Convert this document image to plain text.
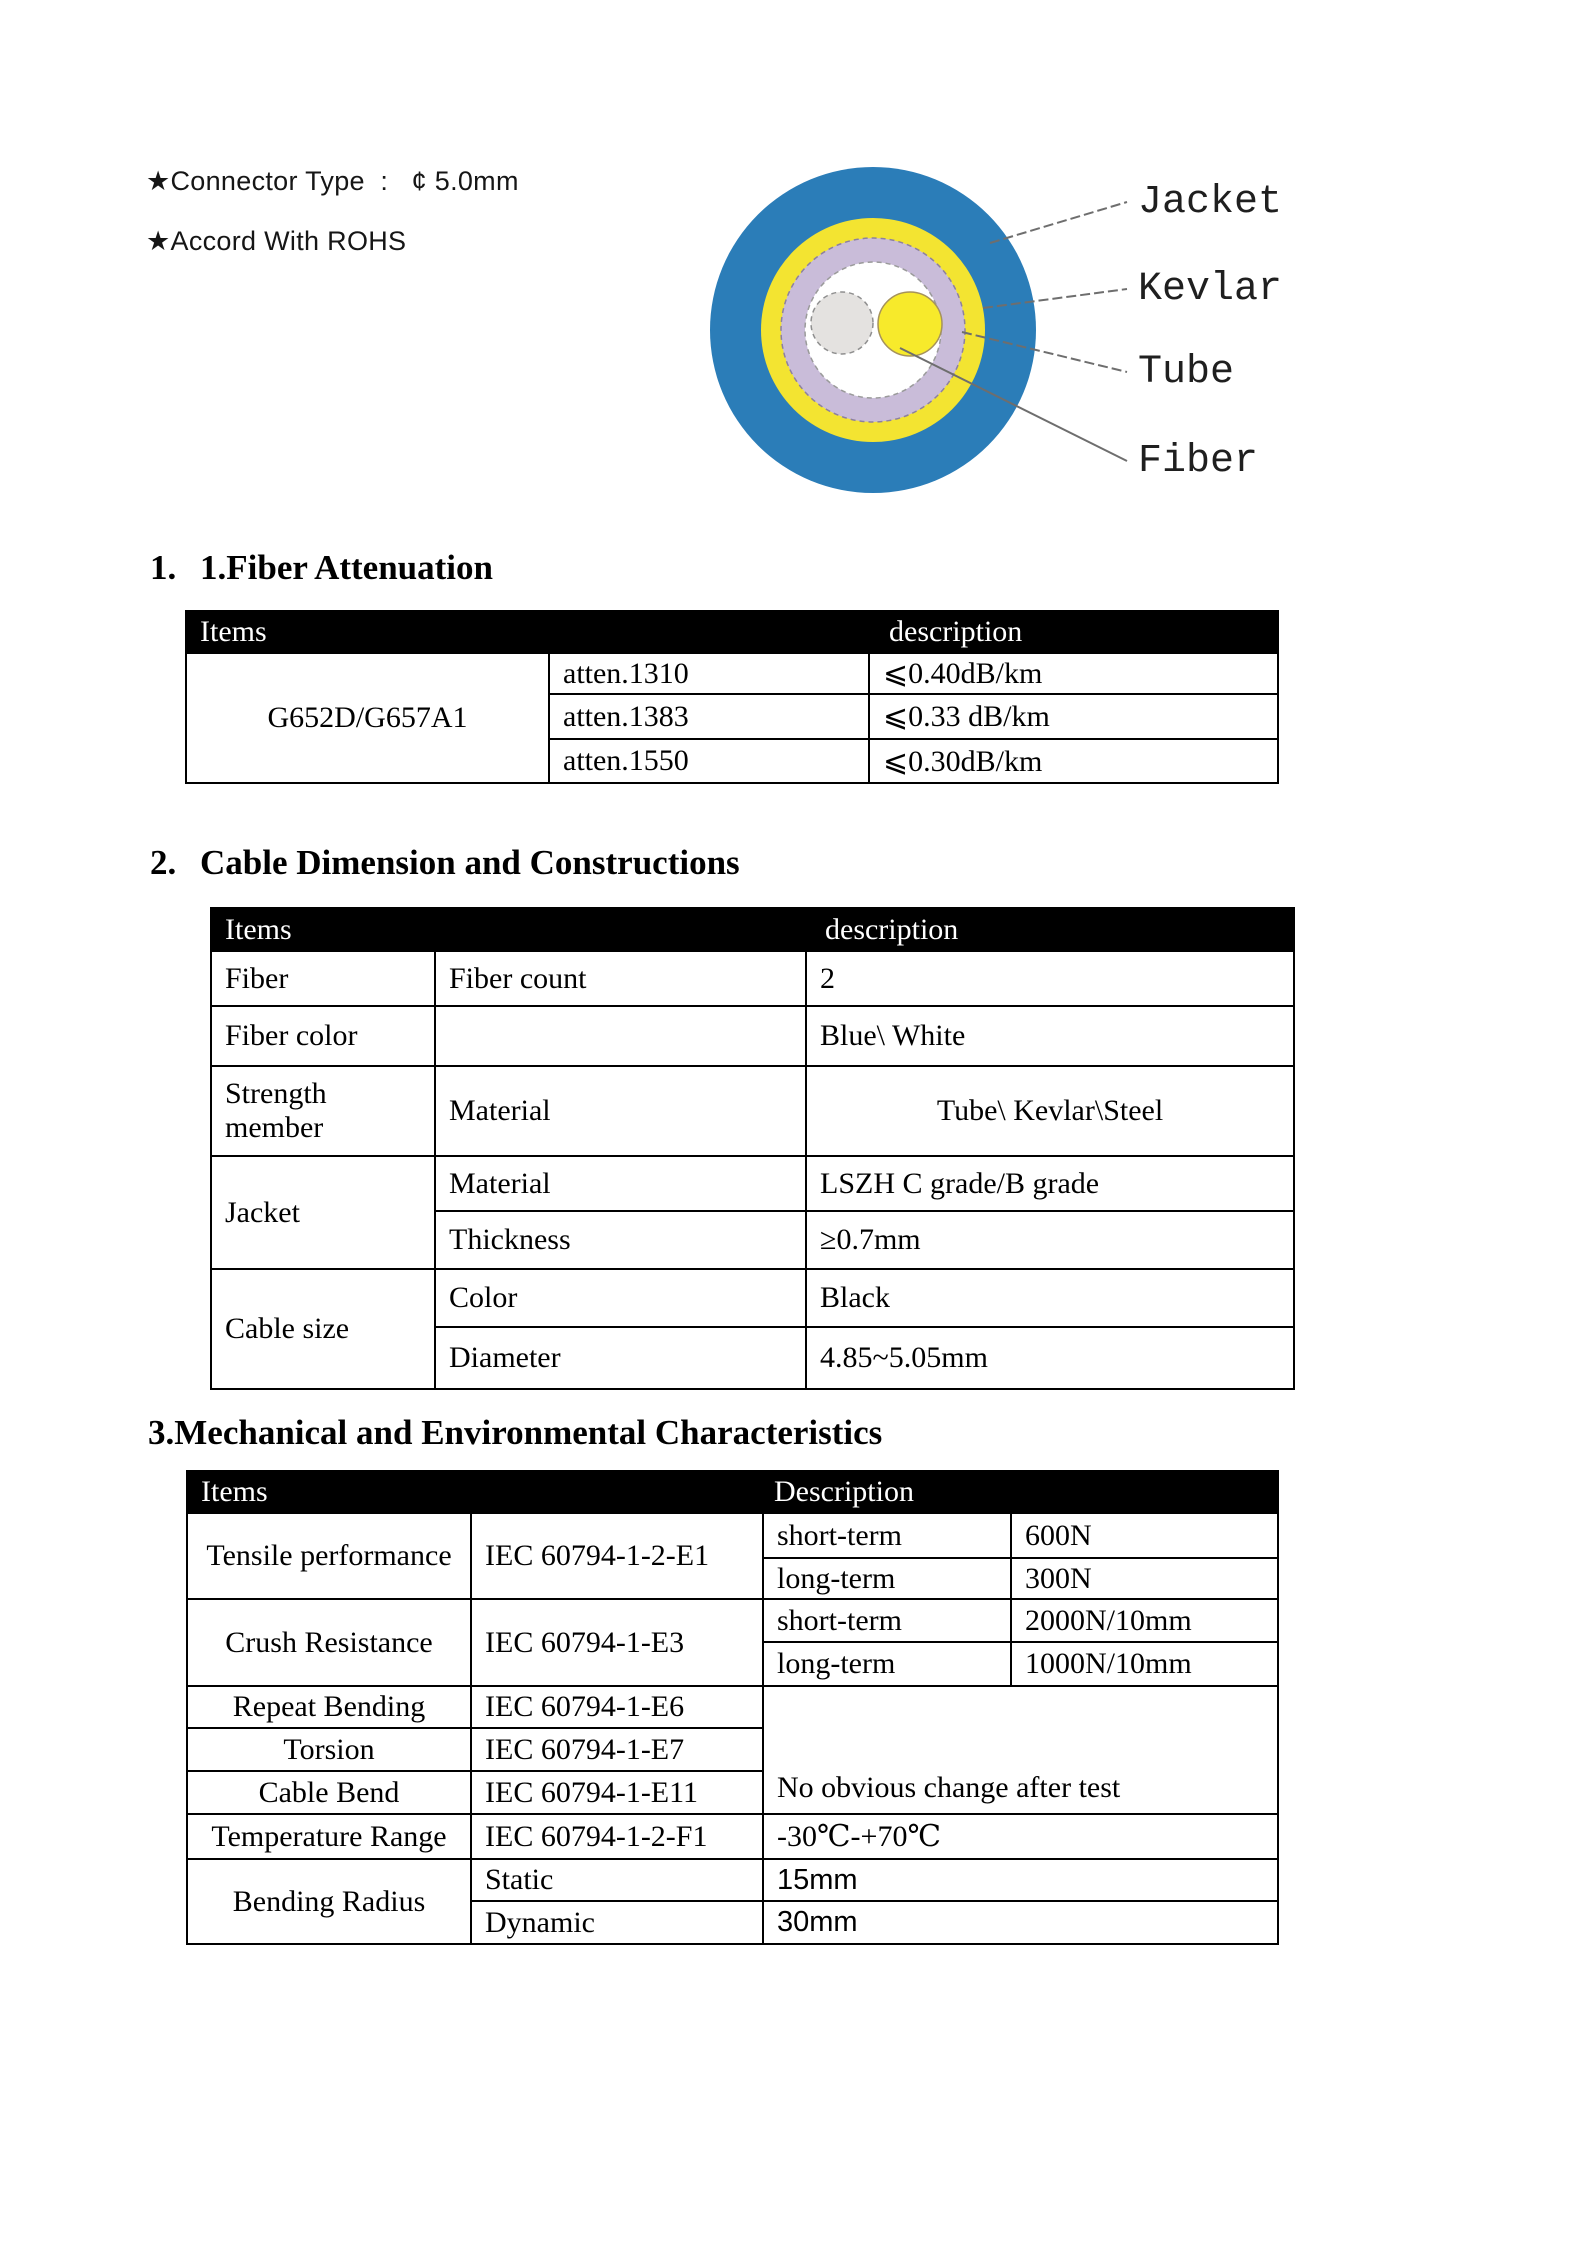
★Connector Type  :   ¢ 5.0mm
★Accord With ROHS
Jacket
Kevlar
Tube
Fiber
1. 1.Fiber Attenuation
Items		description
G652D/G657A1	atten.1310	⩽0.40dB/km
	atten.1383	⩽0.33 dB/km
	atten.1550	⩽0.30dB/km
2. Cable Dimension and Constructions
Items		description
Fiber	Fiber count	2
Fiber color		Blue\ White
Strength member	Material	Tube\ Kevlar\Steel
Jacket	Material	LSZH C grade/B grade
	Thickness	≥0.7mm
Cable size	Color	Black
	Diameter	4.85~5.05mm
3.Mechanical and Environmental Characteristics
Items		Description	
Tensile performance	IEC 60794-1-2-E1	short-term	600N
		long-term	300N
Crush Resistance	IEC 60794-1-E3	short-term	2000N/10mm
		long-term	1000N/10mm
Repeat Bending	IEC 60794-1-E6	No obvious change after test	
Torsion	IEC 60794-1-E7		
Cable Bend	IEC 60794-1-E11		
Temperature Range	IEC 60794-1-2-F1	-30℃-+70℃	
Bending Radius	Static	15mm	
	Dynamic	30mm	
